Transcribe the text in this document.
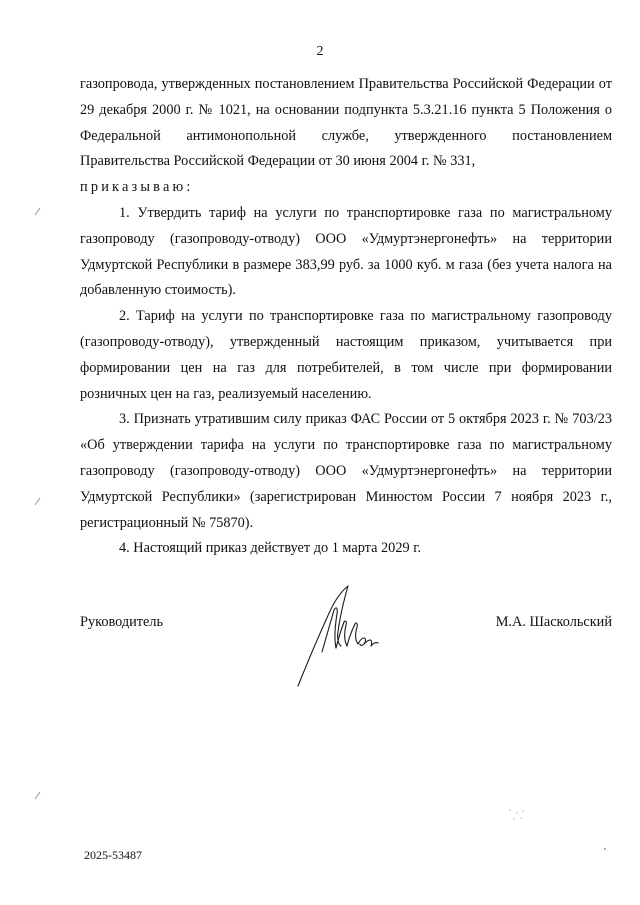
2

газопровода, утвержденных постановлением Правительства Российской Федерации от 29 декабря 2000 г. № 1021, на основании подпункта 5.3.21.16 пункта 5 Положения о Федеральной антимонопольной службе, утвержденного постановлением Правительства Российской Федерации от 30 июня 2004 г. № 331,

приказываю:

1. Утвердить тариф на услуги по транспортировке газа по магистральному газопроводу (газопроводу-отводу) ООО «Удмуртэнергонефть» на территории Удмуртской Республики в размере 383,99 руб. за 1000 куб. м газа (без учета налога на добавленную стоимость).

2. Тариф на услуги по транспортировке газа по магистральному газопроводу (газопроводу-отводу), утвержденный настоящим приказом, учитывается при формировании цен на газ для потребителей, в том числе при формировании розничных цен на газ, реализуемый населению.

3. Признать утратившим силу приказ ФАС России от 5 октября 2023 г. № 703/23 «Об утверждении тарифа на услуги по транспортировке газа по магистральному газопроводу (газопроводу-отводу) ООО «Удмуртэнергонефть» на территории Удмуртской Республики» (зарегистрирован Минюстом России 7 ноября 2023 г., регистрационный № 75870).

4. Настоящий приказ действует до 1 марта 2029 г.

Руководитель	М.А. Шаскольский
2025-53487
